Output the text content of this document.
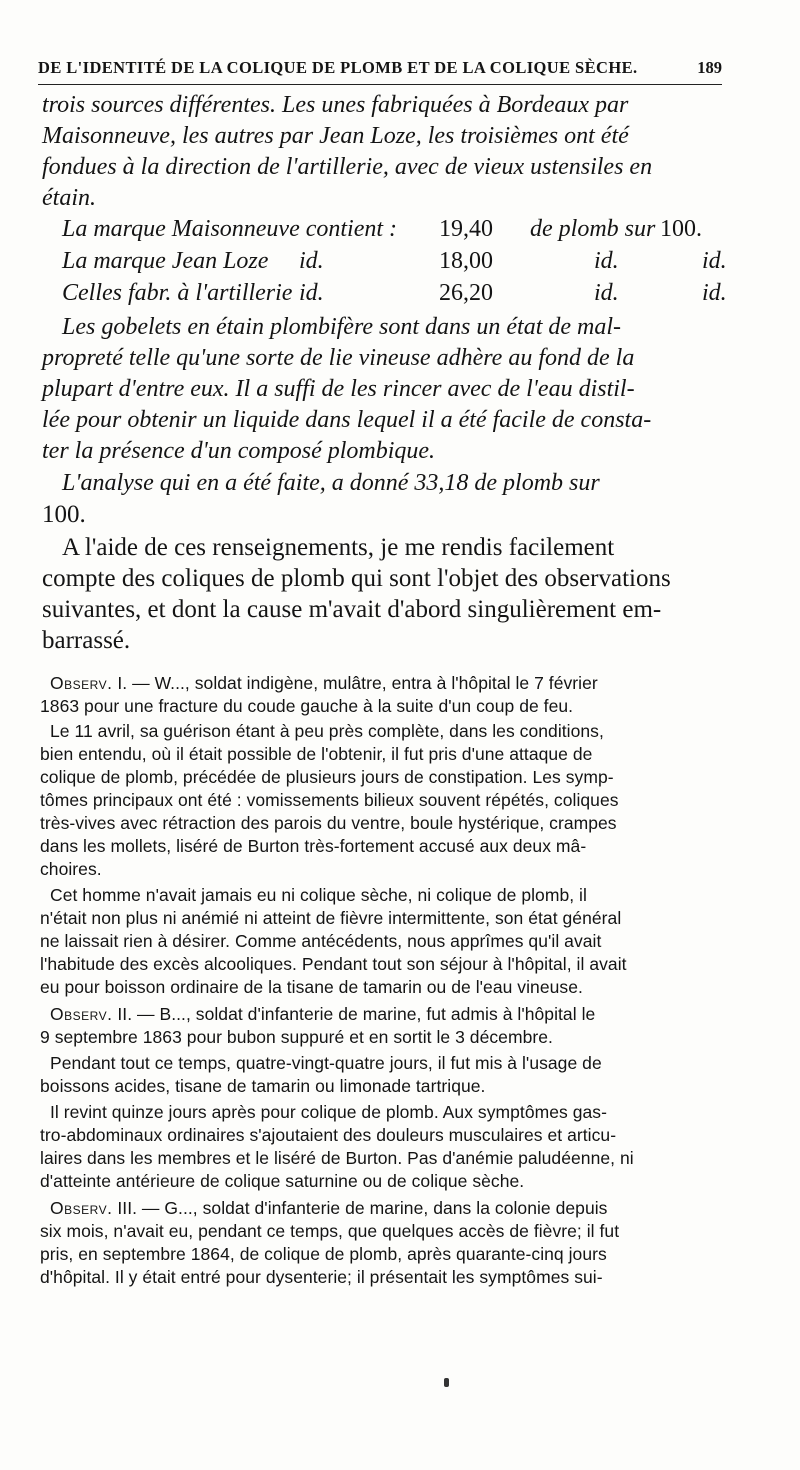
DE L'IDENTITÉ DE LA COLIQUE DE PLOMB ET DE LA COLIQUE SÈCHE.	189
trois sources différentes. Les unes fabriquées à Bordeaux par
Maisonneuve, les autres par Jean Loze, les troisièmes ont été
fondues à la direction de l'artillerie, avec de vieux ustensiles en
étain.
La marque Maisonneuve contient : 19,40 de plomb sur 100.
La marque Jean Loze id.	18,00	id.	id.
Celles fabr. à l'artillerie id.	26,20	id.	id.
Les gobelets en étain plombifère sont dans un état de mal-
propreté telle qu'une sorte de lie vineuse adhère au fond de la
plupart d'entre eux. Il a suffi de les rincer avec de l'eau distil-
lée pour obtenir un liquide dans lequel il a été facile de consta-
ter la présence d'un composé plombique.
L'analyse qui en a été faite, a donné 33,18 de plomb sur
100.
A l'aide de ces renseignements, je me rendis facilement
compte des coliques de plomb qui sont l'objet des observations
suivantes, et dont la cause m'avait d'abord singulièrement em-
barrassé.
Observ. I. — W..., soldat indigène, mulâtre, entra à l'hôpital le 7 février
1863 pour une fracture du coude gauche à la suite d'un coup de feu.
Le 11 avril, sa guérison étant à peu près complète, dans les conditions,
bien entendu, où il était possible de l'obtenir, il fut pris d'une attaque de
colique de plomb, précédée de plusieurs jours de constipation. Les symp-
tômes principaux ont été : vomissements bilieux souvent répétés, coliques
très-vives avec rétraction des parois du ventre, boule hystérique, crampes
dans les mollets, liséré de Burton très-fortement accusé aux deux mâ-
choires.
Cet homme n'avait jamais eu ni colique sèche, ni colique de plomb, il
n'était non plus ni anémié ni atteint de fièvre intermittente, son état général
ne laissait rien à désirer. Comme antécédents, nous apprîmes qu'il avait
l'habitude des excès alcooliques. Pendant tout son séjour à l'hôpital, il avait
eu pour boisson ordinaire de la tisane de tamarin ou de l'eau vineuse.
Observ. II. — B..., soldat d'infanterie de marine, fut admis à l'hôpital le
9 septembre 1863 pour bubon suppuré et en sortit le 3 décembre.
Pendant tout ce temps, quatre-vingt-quatre jours, il fut mis à l'usage de
boissons acides, tisane de tamarin ou limonade tartrique.
Il revint quinze jours après pour colique de plomb. Aux symptômes gas-
tro-abdominaux ordinaires s'ajoutaient des douleurs musculaires et articu-
laires dans les membres et le liséré de Burton. Pas d'anémie paludéenne, ni
d'atteinte antérieure de colique saturnine ou de colique sèche.
Observ. III. — G..., soldat d'infanterie de marine, dans la colonie depuis
six mois, n'avait eu, pendant ce temps, que quelques accès de fièvre; il fut
pris, en septembre 1864, de colique de plomb, après quarante-cinq jours
d'hôpital. Il y était entré pour dysenterie; il présentait les symptômes sui-
